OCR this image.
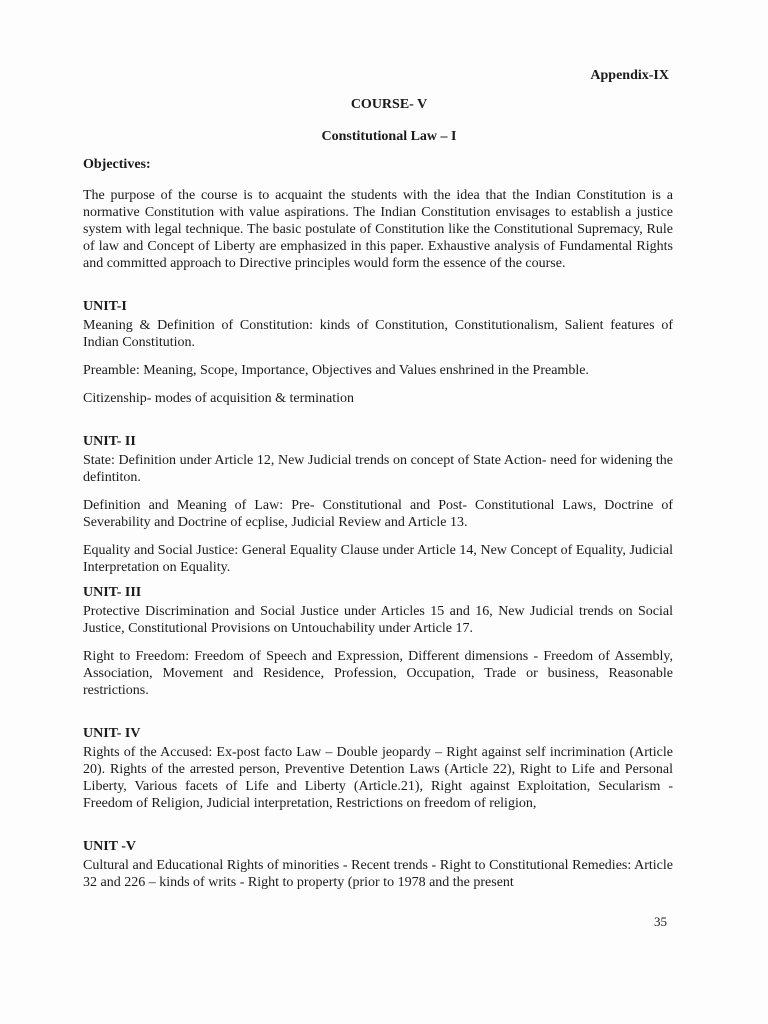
Appendix-IX
COURSE- V
Constitutional Law – I
Objectives:

The purpose of the course is to acquaint the students with the idea that the Indian Constitution is a normative Constitution with value aspirations. The Indian Constitution envisages to establish a justice system with legal technique. The basic postulate of Constitution like the Constitutional Supremacy, Rule of law and Concept of Liberty are emphasized in this paper. Exhaustive analysis of Fundamental Rights and committed approach to Directive principles would form the essence of the course.

UNIT-I

Meaning & Definition of Constitution: kinds of Constitution, Constitutionalism, Salient features of Indian Constitution.

Preamble: Meaning, Scope, Importance, Objectives and Values enshrined in the Preamble.

Citizenship- modes of acquisition & termination

UNIT- II

State: Definition under Article 12, New Judicial trends on concept of State Action- need for widening the defintiton.

Definition and Meaning of Law: Pre- Constitutional and Post- Constitutional Laws, Doctrine of Severability and Doctrine of ecplise, Judicial Review and Article 13.

Equality and Social Justice: General Equality Clause under Article 14, New Concept of Equality, Judicial Interpretation on Equality.

UNIT- III

Protective Discrimination and Social Justice under Articles 15 and 16, New Judicial trends on Social Justice, Constitutional Provisions on Untouchability under Article 17.

Right to Freedom: Freedom of Speech and Expression, Different dimensions - Freedom of Assembly, Association, Movement and Residence, Profession, Occupation, Trade or business, Reasonable restrictions.

UNIT- IV

Rights of the Accused: Ex-post facto Law – Double jeopardy – Right against self incrimination (Article 20). Rights of the arrested person, Preventive Detention Laws (Article 22), Right to Life and Personal Liberty, Various facets of Life and Liberty (Article.21), Right against Exploitation, Secularism - Freedom of Religion, Judicial interpretation, Restrictions on freedom of religion,

UNIT -V

Cultural and Educational Rights of minorities - Recent trends - Right to Constitutional Remedies: Article 32 and 226 – kinds of writs - Right to property (prior to 1978 and the present

35
